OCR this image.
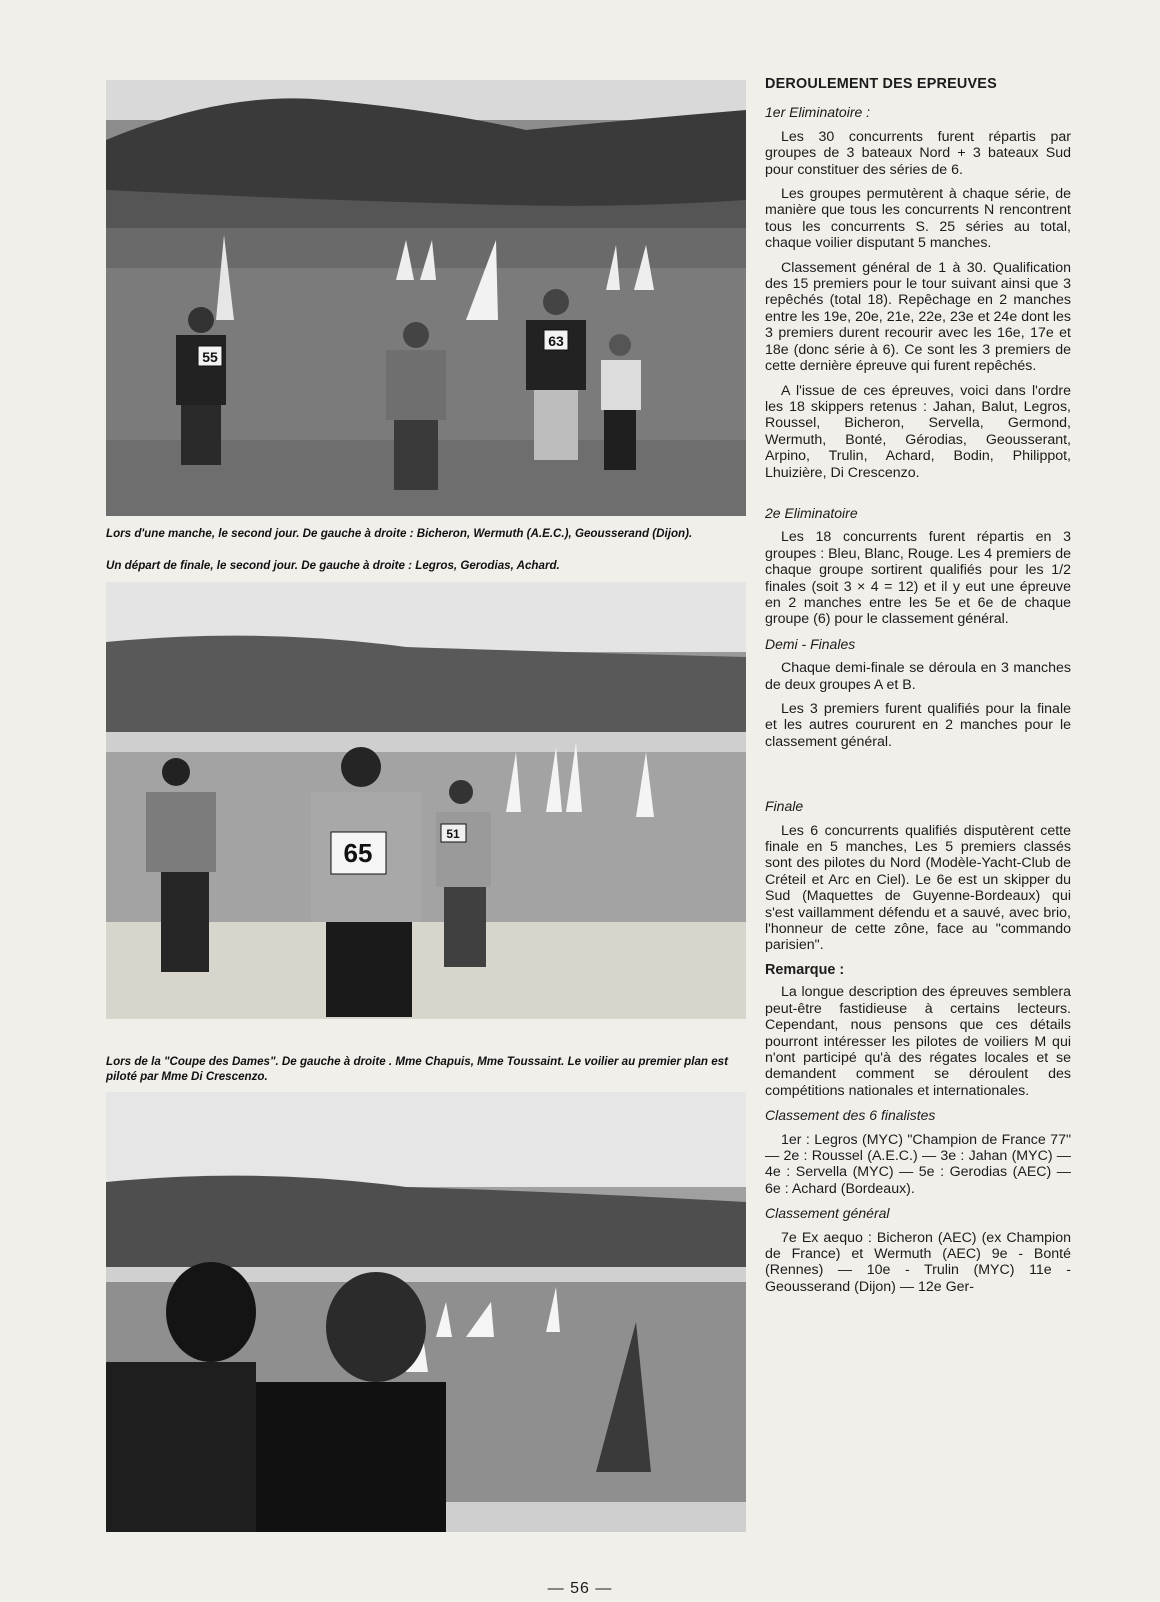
55
63
Lors d'une manche, le second jour. De gauche à droite : Bicheron, Wermuth (A.E.C.), Geousserand (Dijon).
Un départ de finale, le second jour. De gauche à droite : Legros, Gerodias, Achard.
65
51
Lors de la "Coupe des Dames". De gauche à droite . Mme Chapuis, Mme Toussaint. Le voilier au premier plan est piloté par Mme Di Crescenzo.
DEROULEMENT DES EPREUVES
1er Eliminatoire :

Les 30 concurrents furent répartis par groupes de 3 bateaux Nord + 3 bateaux Sud pour constituer des séries de 6.

Les groupes permutèrent à chaque série, de manière que tous les concurrents N rencontrent tous les concurrents S. 25 séries au total, chaque voilier disputant 5 manches.

Classement général de 1 à 30. Qualification des 15 premiers pour le tour suivant ainsi que 3 repêchés (total 18). Repêchage en 2 manches entre les 19e, 20e, 21e, 22e, 23e et 24e dont les 3 premiers durent recourir avec les 16e, 17e et 18e (donc série à 6). Ce sont les 3 premiers de cette dernière épreuve qui furent repêchés.

A l'issue de ces épreuves, voici dans l'ordre les 18 skippers retenus : Jahan, Balut, Legros, Roussel, Bicheron, Servella, Germond, Wermuth, Bonté, Gérodias, Geousserant, Arpino, Trulin, Achard, Bodin, Philippot, Lhuizière, Di Crescenzo.

2e Eliminatoire

Les 18 concurrents furent répartis en 3 groupes : Bleu, Blanc, Rouge. Les 4 premiers de chaque groupe sortirent qualifiés pour les 1/2 finales (soit 3 × 4 = 12) et il y eut une épreuve en 2 manches entre les 5e et 6e de chaque groupe (6) pour le classement général.

Demi - Finales

Chaque demi-finale se déroula en 3 manches de deux groupes A et B.

Les 3 premiers furent qualifiés pour la finale et les autres coururent en 2 manches pour le classement général.

Finale

Les 6 concurrents qualifiés disputèrent cette finale en 5 manches, Les 5 premiers classés sont des pilotes du Nord (Modèle-Yacht-Club de Créteil et Arc en Ciel). Le 6e est un skipper du Sud (Maquettes de Guyenne-Bordeaux) qui s'est vaillamment défendu et a sauvé, avec brio, l'honneur de cette zône, face au "commando parisien".

Remarque :

La longue description des épreuves semblera peut-être fastidieuse à certains lecteurs. Cependant, nous pensons que ces détails pourront intéresser les pilotes de voiliers M qui n'ont participé qu'à des régates locales et se demandent comment se déroulent des compétitions nationales et internationales.

Classement des 6 finalistes

1er : Legros (MYC) "Champion de France 77" — 2e : Roussel (A.E.C.) — 3e : Jahan (MYC) — 4e : Servella (MYC) — 5e : Gerodias (AEC) — 6e : Achard (Bordeaux).

Classement général

7e Ex aequo : Bicheron (AEC) (ex Champion de France) et Wermuth (AEC) 9e - Bonté (Rennes) — 10e - Trulin (MYC) 11e - Geousserand (Dijon) — 12e Ger-

— 56 —
